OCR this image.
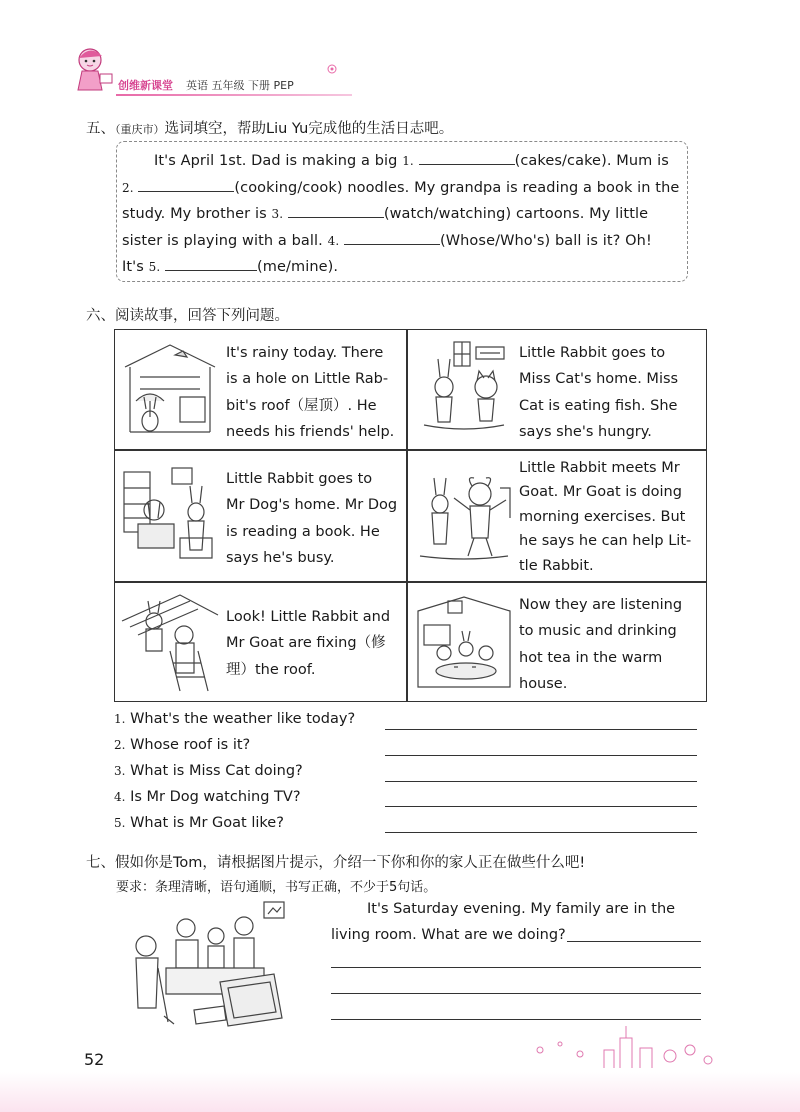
创维新课堂 英语 五年级 下册 PEP
五、（重庆市）选词填空，帮助Liu Yu完成他的生活日志吧。

It's April 1st. Dad is making a big 1.	(cakes/cake). Mum is

2.	(cooking/cook) noodles. My grandpa is reading a book in the

study. My brother is 3.	(watch/watching) cartoons. My little

sister is playing with a ball. 4.	(Whose/Who's) ball is it? Oh!

It's 5.	(me/mine).

六、阅读故事，回答下列问题。
It's rainy today. There
is a hole on Little Rab-
bit's roof（屋顶）. He
needs his friends' help.
Little Rabbit goes to
Miss Cat's home. Miss
Cat is eating fish. She
says she's hungry.
Little Rabbit goes to
Mr Dog's home. Mr Dog
is reading a book. He
says he's busy.
Little Rabbit meets Mr
Goat. Mr Goat is doing
morning exercises. But
he says he can help Lit-
tle Rabbit.
Look! Little Rabbit and
Mr Goat are fixing（修
理）the roof.
Now they are listening
to music and drinking
hot tea in the warm
house.
1. What's the weather like today?
2. Whose roof is it?
3. What is Miss Cat doing?
4. Is Mr Dog watching TV?
5. What is Mr Goat like?
七、假如你是Tom，请根据图片提示，介绍一下你和你的家人正在做些什么吧!
要求：条理清晰，语句通顺，书写正确，不少于5句话。
It's Saturday evening. My family are in the
living room. What are we doing?
52
